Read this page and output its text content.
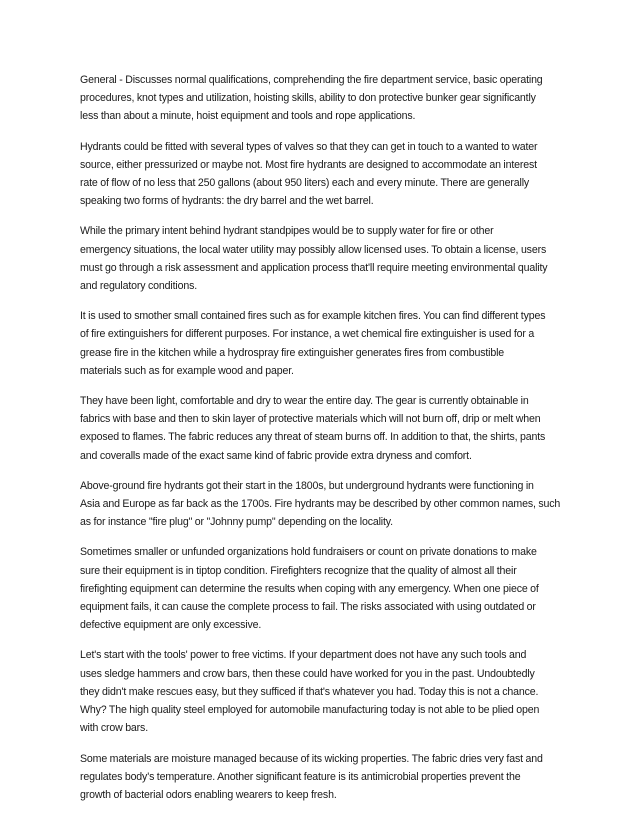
General - Discusses normal qualifications, comprehending the fire department service, basic operating
procedures, knot types and utilization, hoisting skills, ability to don protective bunker gear significantly
less than about a minute, hoist equipment and tools and rope applications.

Hydrants could be fitted with several types of valves so that they can get in touch to a wanted to water
source, either pressurized or maybe not. Most fire hydrants are designed to accommodate an interest
rate of flow of no less that 250 gallons (about 950 liters) each and every minute. There are generally
speaking two forms of hydrants: the dry barrel and the wet barrel.

While the primary intent behind hydrant standpipes would be to supply water for fire or other
emergency situations, the local water utility may possibly allow licensed uses. To obtain a license, users
must go through a risk assessment and application process that'll require meeting environmental quality
and regulatory conditions.

It is used to smother small contained fires such as for example kitchen fires. You can find different types
of fire extinguishers for different purposes. For instance, a wet chemical fire extinguisher is used for a
grease fire in the kitchen while a hydrospray fire extinguisher generates fires from combustible
materials such as for example wood and paper.

They have been light, comfortable and dry to wear the entire day. The gear is currently obtainable in
fabrics with base and then to skin layer of protective materials which will not burn off, drip or melt when
exposed to flames. The fabric reduces any threat of steam burns off. In addition to that, the shirts, pants
and coveralls made of the exact same kind of fabric provide extra dryness and comfort.

Above-ground fire hydrants got their start in the 1800s, but underground hydrants were functioning in
Asia and Europe as far back as the 1700s. Fire hydrants may be described by other common names, such
as for instance "fire plug" or "Johnny pump" depending on the locality.

Sometimes smaller or unfunded organizations hold fundraisers or count on private donations to make
sure their equipment is in tiptop condition. Firefighters recognize that the quality of almost all their
firefighting equipment can determine the results when coping with any emergency. When one piece of
equipment fails, it can cause the complete process to fail. The risks associated with using outdated or
defective equipment are only excessive.

Let's start with the tools' power to free victims. If your department does not have any such tools and
uses sledge hammers and crow bars, then these could have worked for you in the past. Undoubtedly
they didn't make rescues easy, but they sufficed if that's whatever you had. Today this is not a chance.
Why? The high quality steel employed for automobile manufacturing today is not able to be plied open
with crow bars.

Some materials are moisture managed because of its wicking properties. The fabric dries very fast and
regulates body's temperature. Another significant feature is its antimicrobial properties prevent the
growth of bacterial odors enabling wearers to keep fresh.
